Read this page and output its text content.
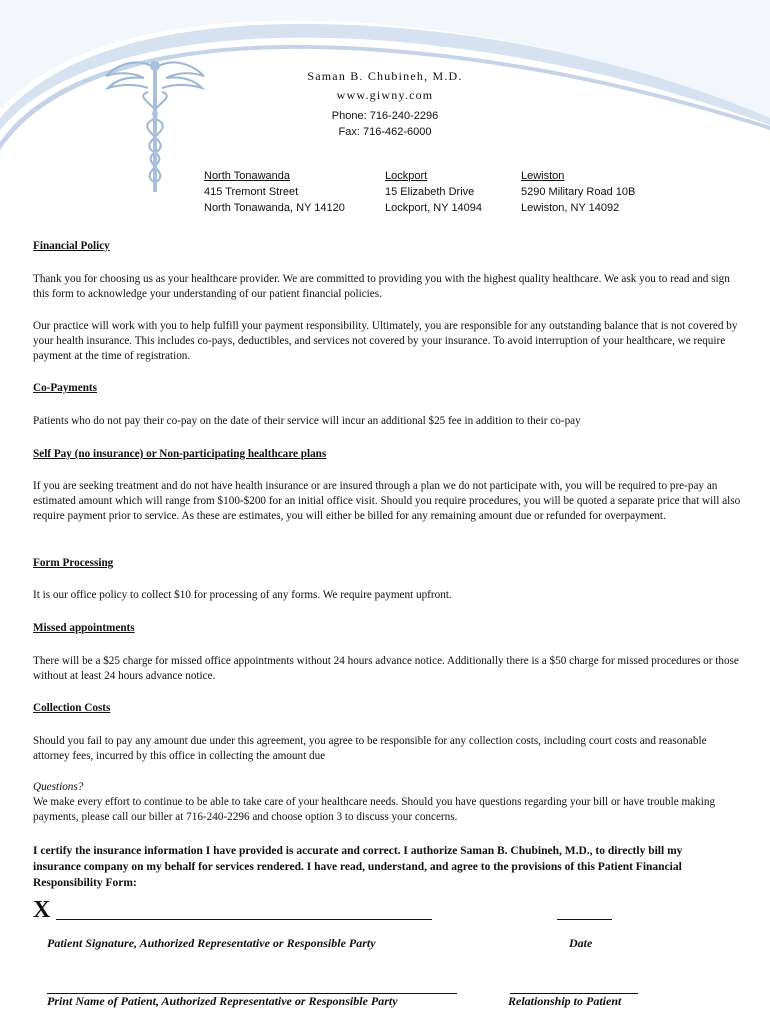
Saman B. Chubineh, M.D.
www.giwny.com
Phone: 716-240-2296
Fax: 716-462-6000
North Tonawanda
415 Tremont Street
North Tonawanda, NY 14120
Lockport
15 Elizabeth Drive
Lockport, NY 14094
Lewiston
5290 Military Road 10B
Lewiston, NY 14092
Financial Policy
Thank you for choosing us as your healthcare provider. We are committed to providing you with the highest quality healthcare. We ask you to read and sign this form to acknowledge your understanding of our patient financial policies.
Our practice will work with you to help fulfill your payment responsibility. Ultimately, you are responsible for any outstanding balance that is not covered by your health insurance. This includes co-pays, deductibles, and services not covered by your insurance. To avoid interruption of your healthcare, we require payment at the time of registration.
Co-Payments
Patients who do not pay their co-pay on the date of their service will incur an additional $25 fee in addition to their co-pay
Self Pay (no insurance) or Non-participating healthcare plans
If you are seeking treatment and do not have health insurance or are insured through a plan we do not participate with, you will be required to pre-pay an estimated amount which will range from $100-$200 for an initial office visit. Should you require procedures, you will be quoted a separate price that will also require payment prior to service. As these are estimates, you will either be billed for any remaining amount due or refunded for overpayment.
Form Processing
It is our office policy to collect $10 for processing of any forms. We require payment upfront.
Missed appointments
There will be a $25 charge for missed office appointments without 24 hours advance notice. Additionally there is a $50 charge for missed procedures or those without at least 24 hours advance notice.
Collection Costs
Should you fail to pay any amount due under this agreement, you agree to be responsible for any collection costs, including court costs and reasonable attorney fees, incurred by this office in collecting the amount due
Questions?
We make every effort to continue to be able to take care of your healthcare needs. Should you have questions regarding your bill or have trouble making payments, please call our biller at 716-240-2296 and choose option 3 to discuss your concerns.
I certify the insurance information I have provided is accurate and correct. I authorize Saman B. Chubineh, M.D., to directly bill my insurance company on my behalf for services rendered. I have read, understand, and agree to the provisions of this Patient Financial Responsibility Form:
X
Patient Signature, Authorized Representative or Responsible Party	Date
Print Name of Patient, Authorized Representative or Responsible Party	Relationship to Patient
